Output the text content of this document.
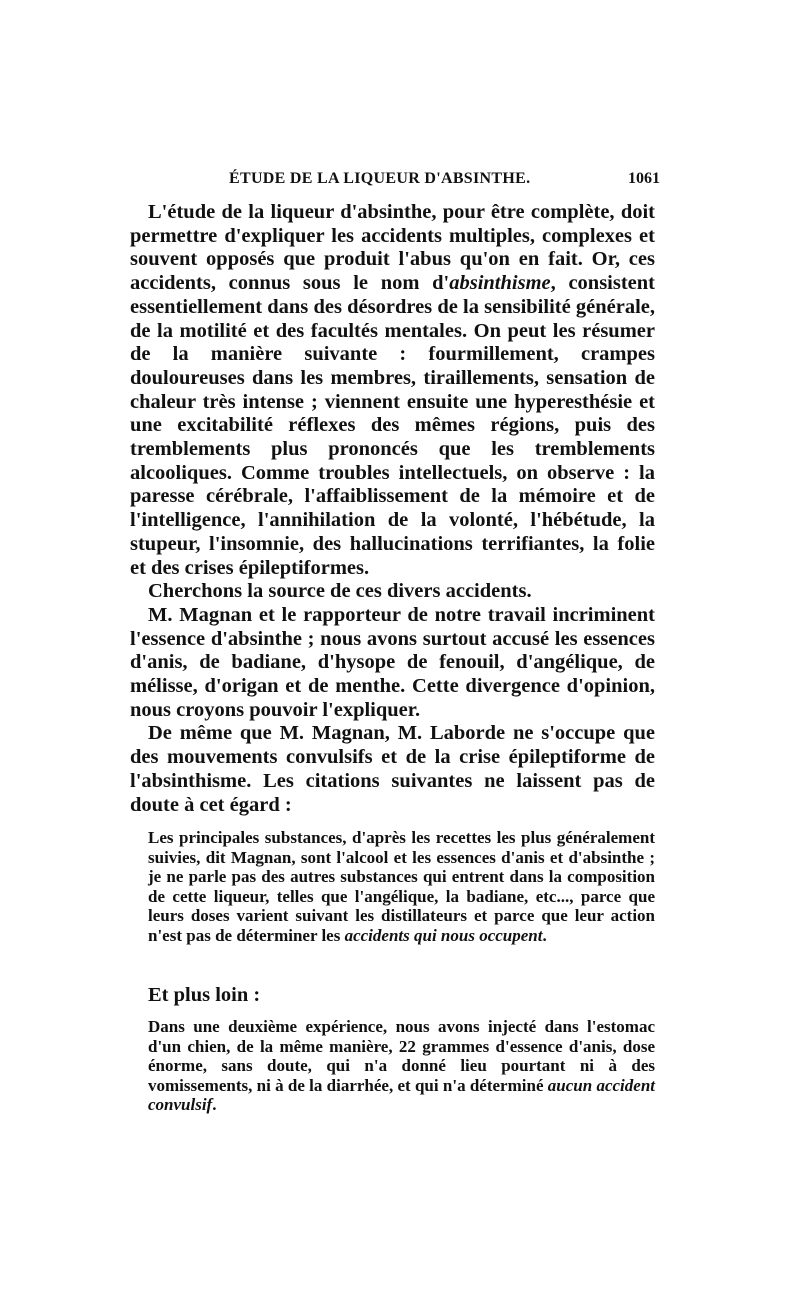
ÉTUDE DE LA LIQUEUR D'ABSINTHE.	1061

L'étude de la liqueur d'absinthe, pour être complète, doit permettre d'expliquer les accidents multiples, complexes et souvent opposés que produit l'abus qu'on en fait. Or, ces accidents, connus sous le nom d'absinthisme, consistent essentiellement dans des désordres de la sensibilité générale, de la motilité et des facultés mentales. On peut les résumer de la manière suivante : fourmillement, crampes douloureuses dans les membres, tiraillements, sensation de chaleur très intense ; viennent ensuite une hyperesthésie et une excitabilité réflexes des mêmes régions, puis des tremblements plus prononcés que les tremblements alcooliques. Comme troubles intellectuels, on observe : la paresse cérébrale, l'affaiblissement de la mémoire et de l'intelligence, l'annihilation de la volonté, l'hébétude, la stupeur, l'insomnie, des hallucinations terrifiantes, la folie et des crises épileptiformes.

Cherchons la source de ces divers accidents.

M. Magnan et le rapporteur de notre travail incriminent l'essence d'absinthe ; nous avons surtout accusé les essences d'anis, de badiane, d'hysope de fenouil, d'angélique, de mélisse, d'origan et de menthe. Cette divergence d'opinion, nous croyons pouvoir l'expliquer.

De même que M. Magnan, M. Laborde ne s'occupe que des mouvements convulsifs et de la crise épileptiforme de l'absinthisme. Les citations suivantes ne laissent pas de doute à cet égard :

Les principales substances, d'après les recettes les plus généralement suivies, dit Magnan, sont l'alcool et les essences d'anis et d'absinthe ; je ne parle pas des autres substances qui entrent dans la composition de cette liqueur, telles que l'angélique, la badiane, etc..., parce que leurs doses varient suivant les distillateurs et parce que leur action n'est pas de déterminer les accidents qui nous occupent.

Et plus loin :

Dans une deuxième expérience, nous avons injecté dans l'estomac d'un chien, de la même manière, 22 grammes d'essence d'anis, dose énorme, sans doute, qui n'a donné lieu pourtant ni à des vomissements, ni à de la diarrhée, et qui n'a déterminé aucun accident convulsif.
